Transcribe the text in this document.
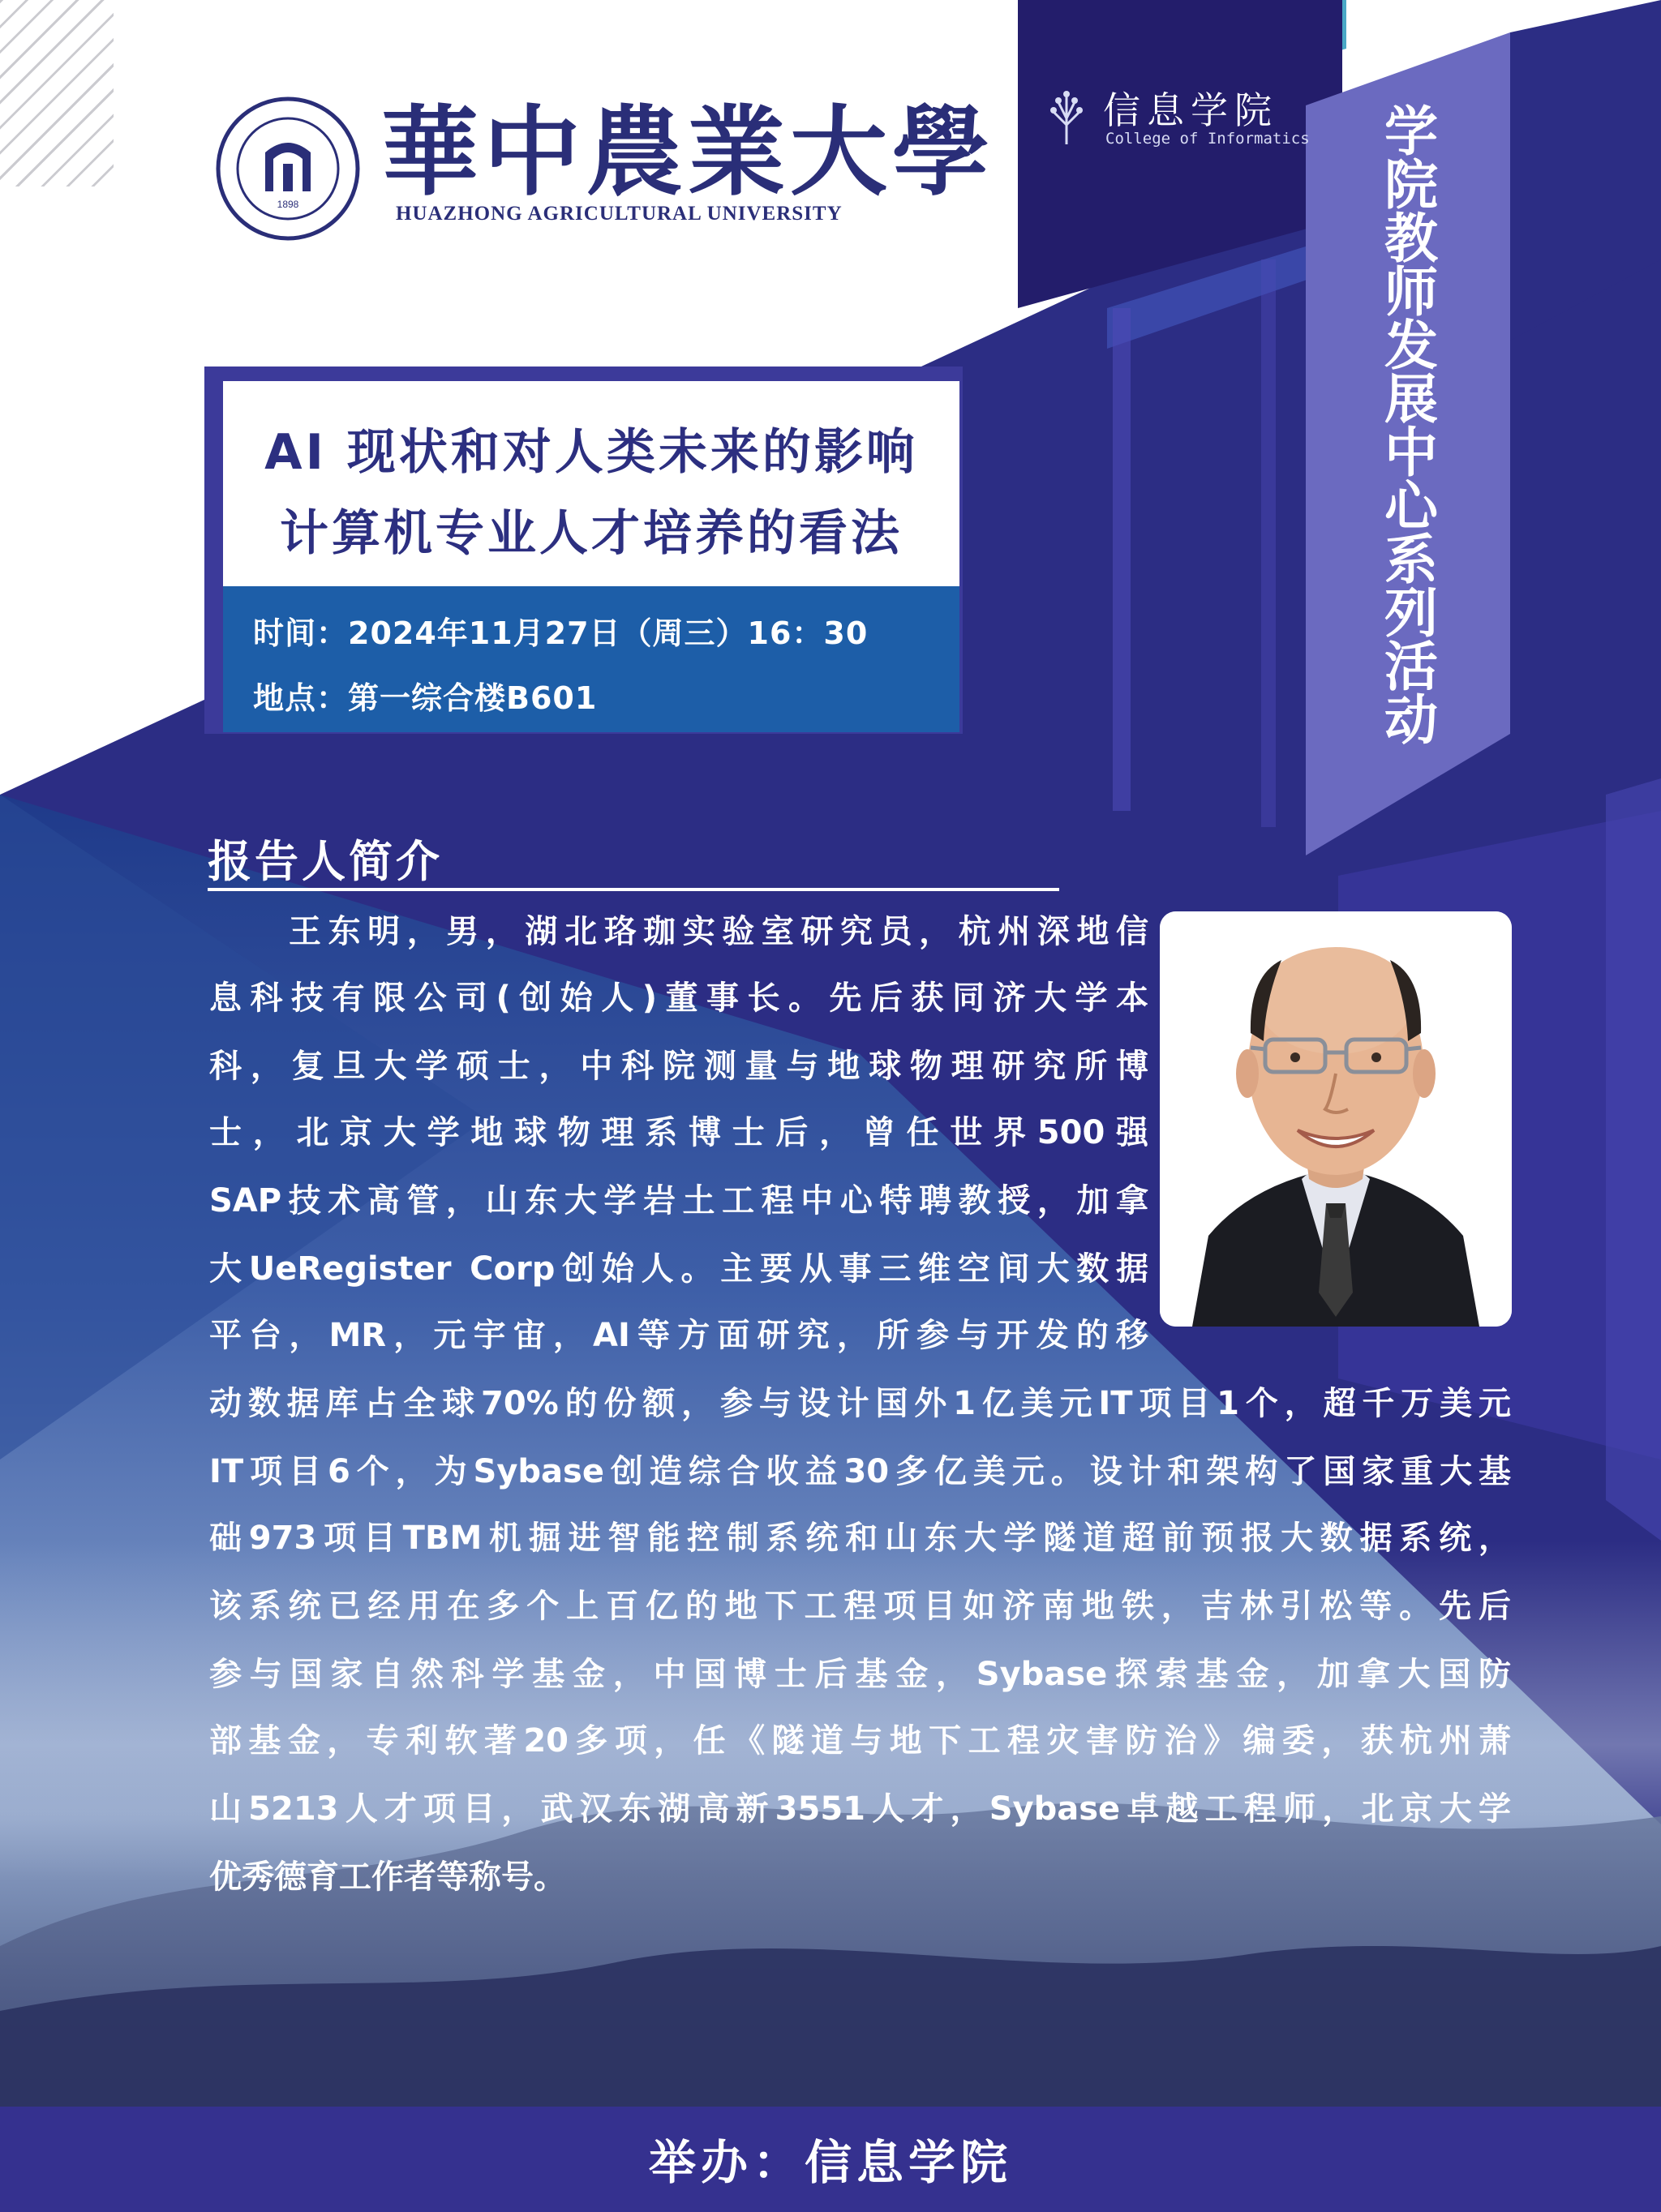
1898 華中農業大學
HUAZHONG AGRICULTURAL UNIVERSITY
信息学院
College of Informatics 学
院
教
师
发
展
中
心
系
列
活
动
AI 现状和对人类未来的影响
计算机专业人才培养的看法
时间：2024年11月27日（周三）16：30
地点：第一综合楼B601
报告人简介
王东明，男，湖北珞珈实验室研究员，杭州深地信
息科技有限公司(创始人)董事长。先后获同济大学本
科，复旦大学硕士，中科院测量与地球物理研究所博
士，北京大学地球物理系博士后，曾任世界500强
SAP技术高管，山东大学岩土工程中心特聘教授，加拿
大UeRegister Corp创始人。主要从事三维空间大数据
平台，MR，元宇宙，AI等方面研究，所参与开发的移
动数据库占全球70%的份额，参与设计国外1亿美元IT项目1个，超千万美元
IT项目6个，为Sybase创造综合收益30多亿美元。设计和架构了国家重大基
础973项目TBM机掘进智能控制系统和山东大学隧道超前预报大数据系统，
该系统已经用在多个上百亿的地下工程项目如济南地铁，吉林引松等。先后
参与国家自然科学基金，中国博士后基金，Sybase探索基金，加拿大国防
部基金，专利软著20多项，任《隧道与地下工程灾害防治》编委，获杭州萧
山5213人才项目，武汉东湖高新3551人才，Sybase卓越工程师，北京大学
优秀德育工作者等称号。
举办：信息学院
